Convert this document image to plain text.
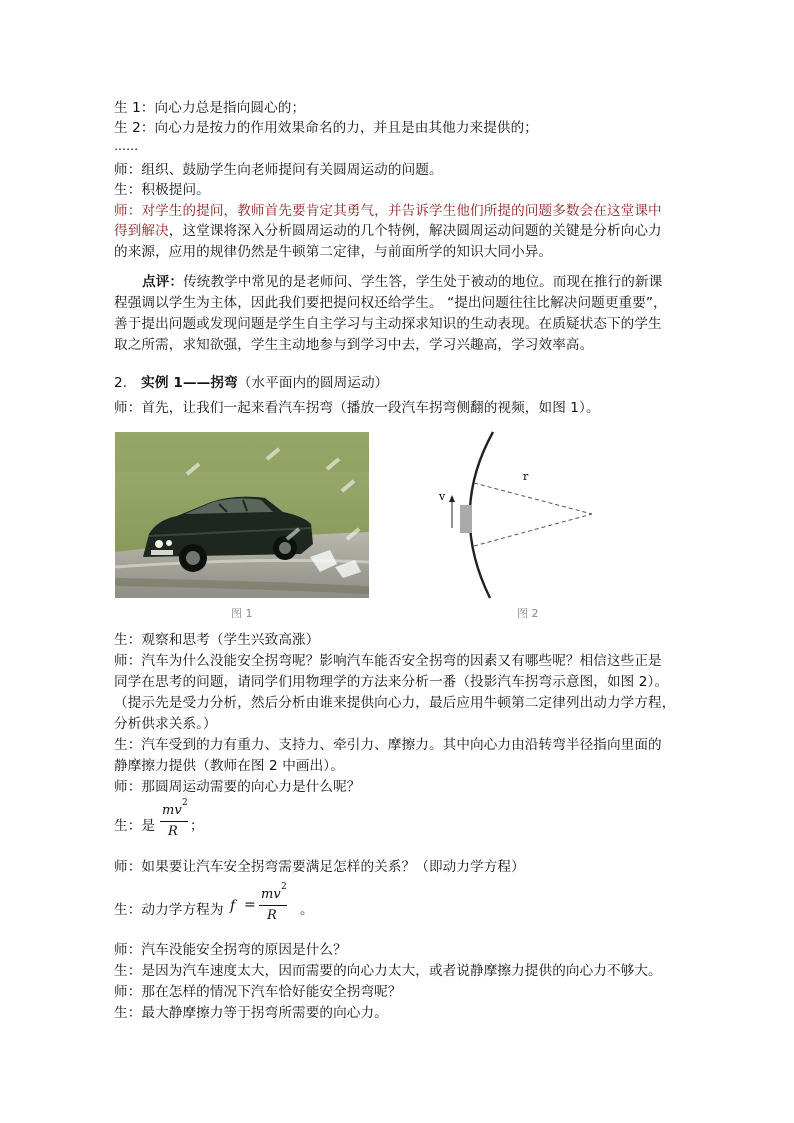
生 1：向心力总是指向圆心的；
生 2：向心力是按力的作用效果命名的力，并且是由其他力来提供的；
……
师：组织、鼓励学生向老师提问有关圆周运动的问题。
生：积极提问。
师：对学生的提问，教师首先要肯定其勇气，并告诉学生他们所提的问题多数会在这堂课中
得到解决，这堂课将深入分析圆周运动的几个特例，解决圆周运动问题的关键是分析向心力
的来源，应用的规律仍然是牛顿第二定律，与前面所学的知识大同小异。
点评：传统教学中常见的是老师问、学生答，学生处于被动的地位。而现在推行的新课
程强调以学生为主体，因此我们要把提问权还给学生。 “提出问题往往比解决问题更重要”，
善于提出问题或发现问题是学生自主学习与主动探求知识的生动表现。在质疑状态下的学生
取之所需，求知欲强，学生主动地参与到学习中去，学习兴趣高，学习效率高。
2. 实例 1——拐弯（水平面内的圆周运动）
师：首先，让我们一起来看汽车拐弯（播放一段汽车拐弯侧翻的视频，如图 1）。
图 1
v
r
图 2
生：观察和思考（学生兴致高涨）
师：汽车为什么没能安全拐弯呢？影响汽车能否安全拐弯的因素又有哪些呢？相信这些正是
同学在思考的问题，请同学们用物理学的方法来分析一番（投影汽车拐弯示意图，如图 2）。
（提示先是受力分析，然后分析由谁来提供向心力，最后应用牛顿第二定律列出动力学方程，
分析供求关系。）
生：汽车受到的力有重力、支持力、牵引力、摩擦力。其中向心力由沿转弯半径指向里面的
静摩擦力提供（教师在图 2 中画出）。
师：那圆周运动需要的向心力是什么呢？
生：是
mv 2
R ；
师：如果要让汽车安全拐弯需要满足怎样的关系？（即动力学方程）
生：动力学方程为 f =
mv 2
R 。
师：汽车没能安全拐弯的原因是什么？
生：是因为汽车速度太大，因而需要的向心力太大，或者说静摩擦力提供的向心力不够大。
师：那在怎样的情况下汽车恰好能安全拐弯呢？
生：最大静摩擦力等于拐弯所需要的向心力。
